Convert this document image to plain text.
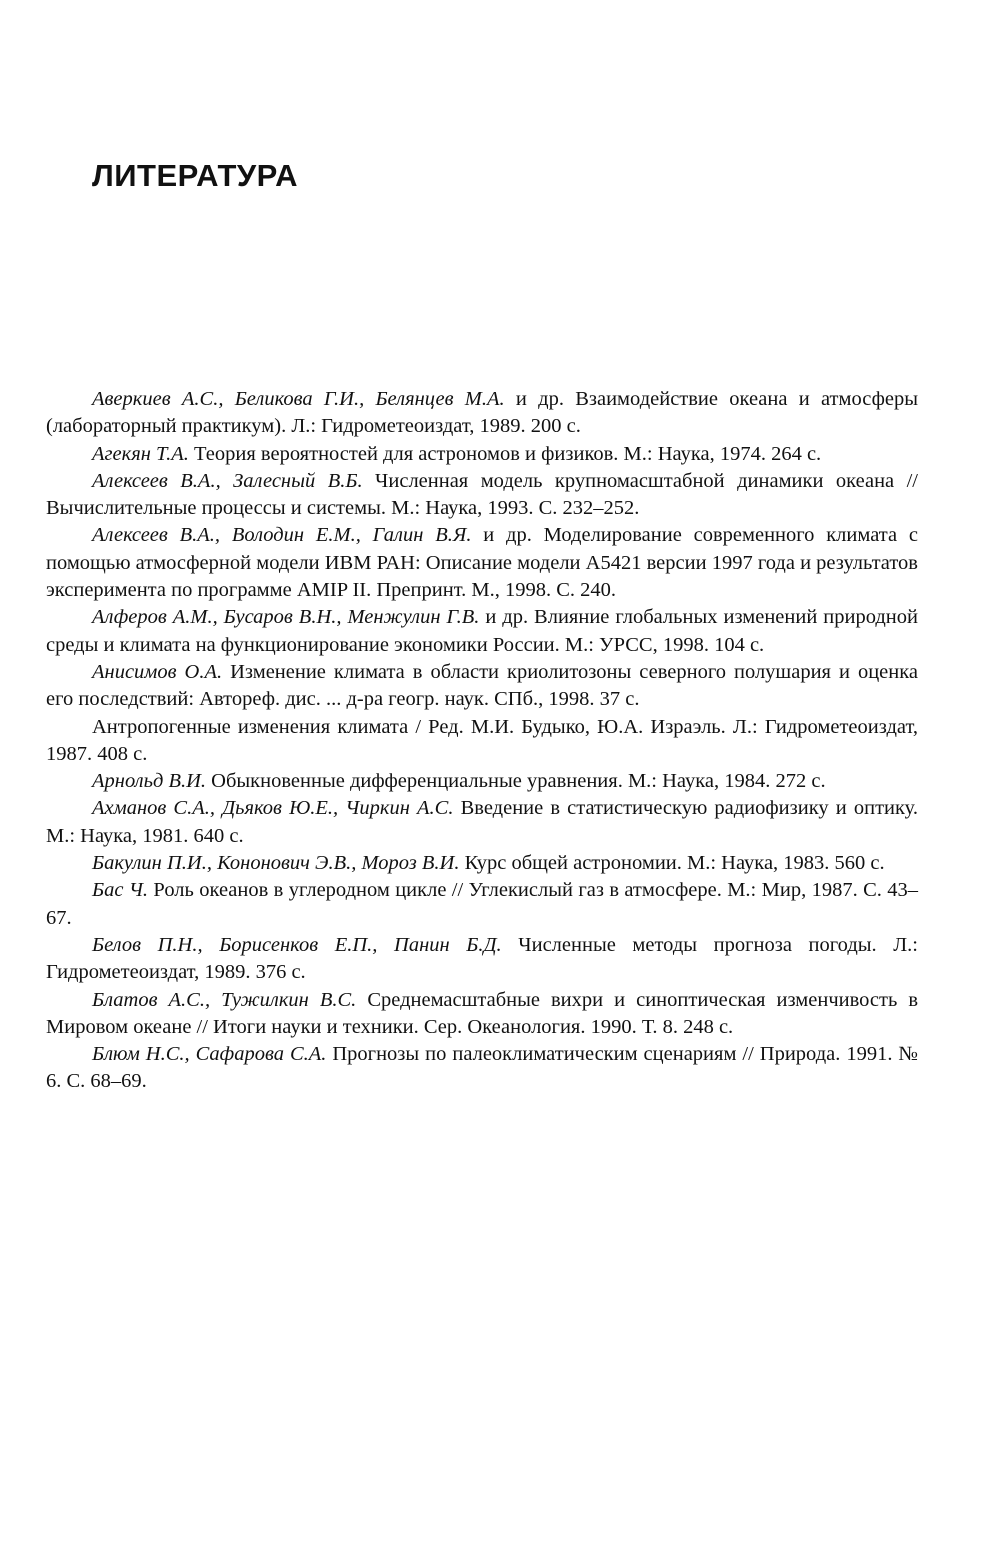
ЛИТЕРАТУРА
Аверкиев А.С., Беликова Г.И., Белянцев М.А. и др. Взаимодействие океана и атмосферы (лабораторный практикум). Л.: Гидрометеоиздат, 1989. 200 с.
Агекян Т.А. Теория вероятностей для астрономов и физиков. М.: Наука, 1974. 264 с.
Алексеев В.А., Залесный В.Б. Численная модель крупномасштабной динамики океана // Вычислительные процессы и системы. М.: Наука, 1993. С. 232–252.
Алексеев В.А., Володин Е.М., Галин В.Я. и др. Моделирование современного климата с помощью атмосферной модели ИВМ РАН: Описание модели А5421 версии 1997 года и результатов эксперимента по программе AMIP II. Препринт. М., 1998. С. 240.
Алферов А.М., Бусаров В.Н., Менжулин Г.В. и др. Влияние глобальных изменений природной среды и климата на функционирование экономики России. М.: УРСС, 1998. 104 с.
Анисимов О.А. Изменение климата в области криолитозоны северного полушария и оценка его последствий: Автореф. дис. ... д-ра геогр. наук. СПб., 1998. 37 с.
Антропогенные изменения климата / Ред. М.И. Будыко, Ю.А. Израэль. Л.: Гидрометеоиздат, 1987. 408 с.
Арнольд В.И. Обыкновенные дифференциальные уравнения. М.: Наука, 1984. 272 с.
Ахманов С.А., Дьяков Ю.Е., Чиркин А.С. Введение в статистическую радиофизику и оптику. М.: Наука, 1981. 640 с.
Бакулин П.И., Кононович Э.В., Мороз В.И. Курс общей астрономии. М.: Наука, 1983. 560 с.
Бас Ч. Роль океанов в углеродном цикле // Углекислый газ в атмосфере. М.: Мир, 1987. С. 43–67.
Белов П.Н., Борисенков Е.П., Панин Б.Д. Численные методы прогноза погоды. Л.: Гидрометеоиздат, 1989. 376 с.
Блатов А.С., Тужилкин В.С. Среднемасштабные вихри и синоптическая изменчивость в Мировом океане // Итоги науки и техники. Сер. Океанология. 1990. Т. 8. 248 с.
Блюм Н.С., Сафарова С.А. Прогнозы по палеоклиматическим сценариям // Природа. 1991. № 6. С. 68–69.
